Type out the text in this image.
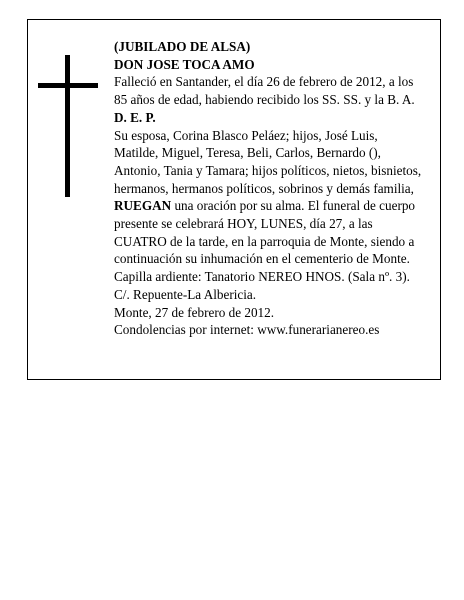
(JUBILADO DE ALSA)

DON JOSE TOCA AMO

Falleció en Santander, el día 26 de febrero de 2012, a los 85 años de edad, habiendo recibido los SS. SS. y la B. A.

D. E. P.

Su esposa, Corina Blasco Peláez; hijos, José Luis, Matilde, Miguel, Teresa, Beli, Carlos, Bernardo (), Antonio, Tania y Tamara; hijos políticos, nietos, bisnietos, hermanos, hermanos políticos, sobrinos y demás familia,

RUEGAN una oración por su alma. El funeral de cuerpo presente se celebrará HOY, LUNES, día 27, a las CUATRO de la tarde, en la parroquia de Monte, siendo a continuación su inhumación en el cementerio de Monte. Capilla ardiente: Tanatorio NEREO HNOS. (Sala nº. 3). C/. Repuente-La Albericia.

Monte, 27 de febrero de 2012.

Condolencias por internet: www.funerarianereo.es
